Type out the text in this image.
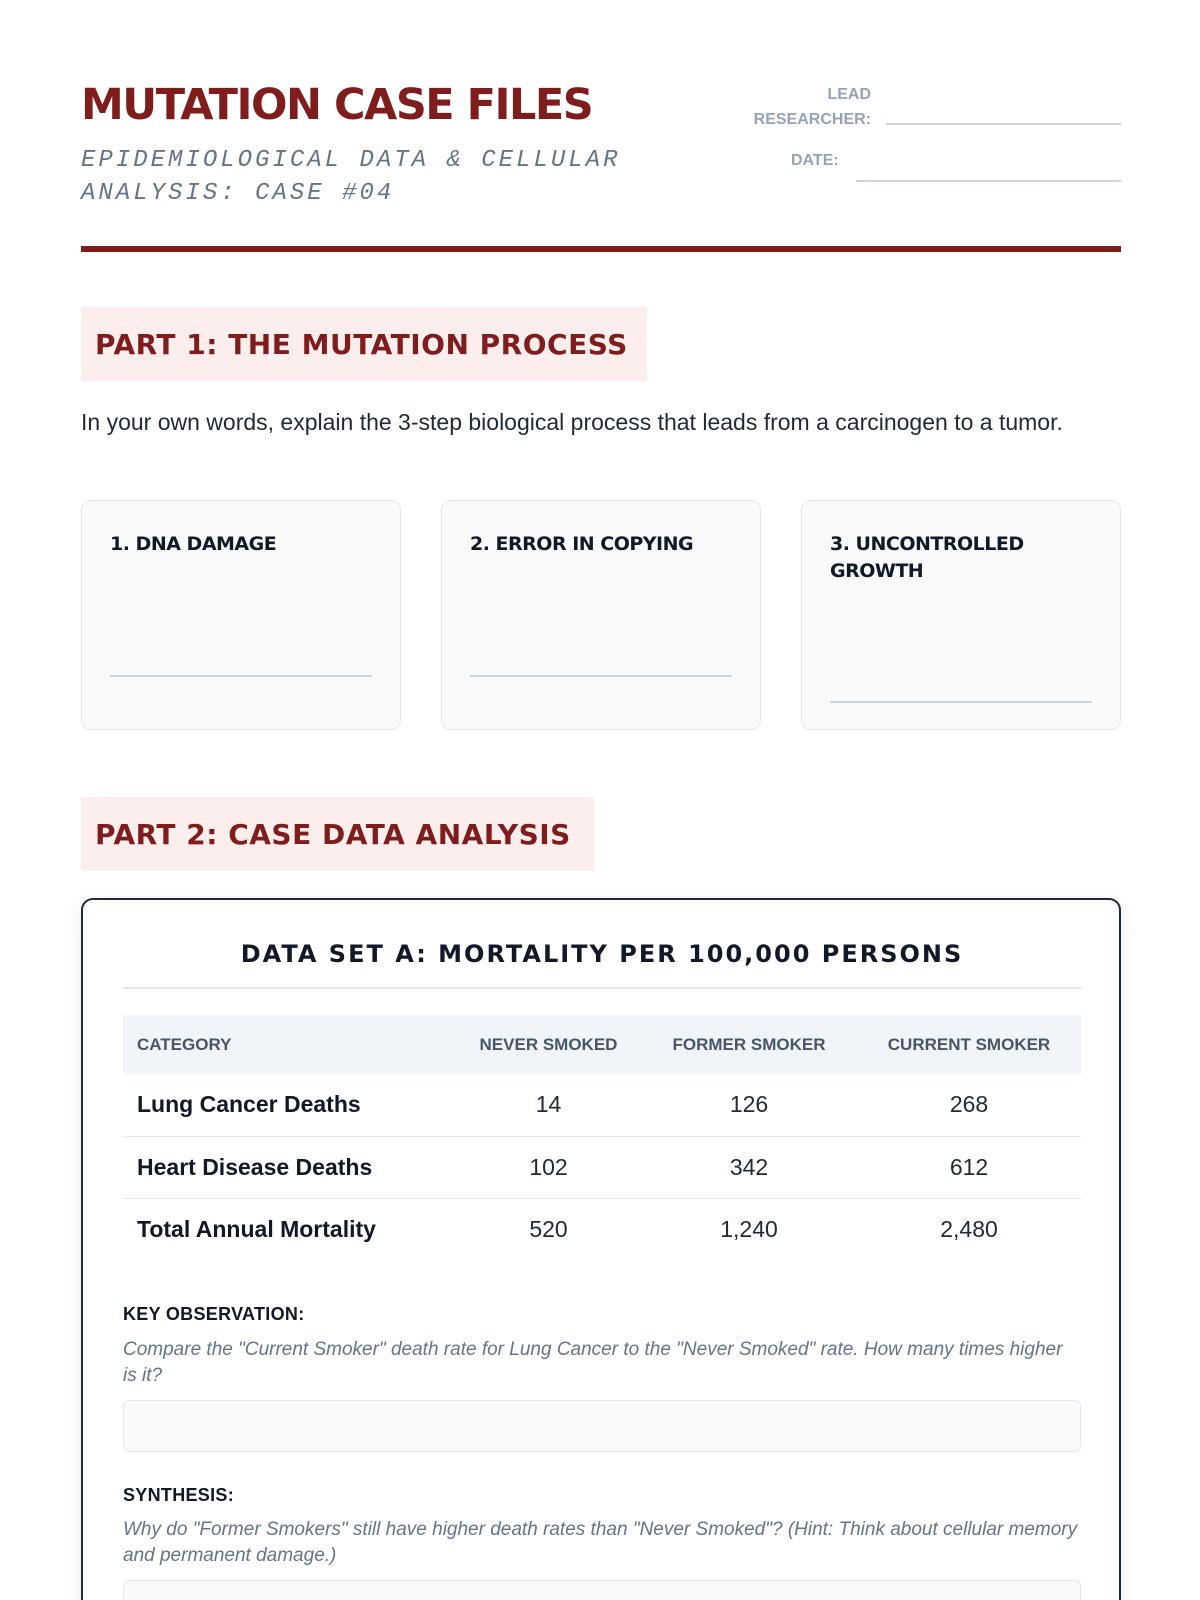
MUTATION CASE FILES
EPIDEMIOLOGICAL DATA & CELLULAR ANALYSIS: CASE #04
LEAD RESEARCHER:
DATE:
PART 1: THE MUTATION PROCESS
In your own words, explain the 3-step biological process that leads from a carcinogen to a tumor.
1. DNA DAMAGE	2. ERROR IN COPYING	3. UNCONTROLLED GROWTH
PART 2: CASE DATA ANALYSIS
DATA SET A: MORTALITY PER 100,000 PERSONS
CATEGORY	NEVER SMOKED	FORMER SMOKER	CURRENT SMOKER
Lung Cancer Deaths	14	126	268
Heart Disease Deaths	102	342	612
Total Annual Mortality	520	1,240	2,480
KEY OBSERVATION:
Compare the "Current Smoker" death rate for Lung Cancer to the "Never Smoked" rate. How many times higher is it?
SYNTHESIS:
Why do "Former Smokers" still have higher death rates than "Never Smoked"? (Hint: Think about cellular memory and permanent damage.)
